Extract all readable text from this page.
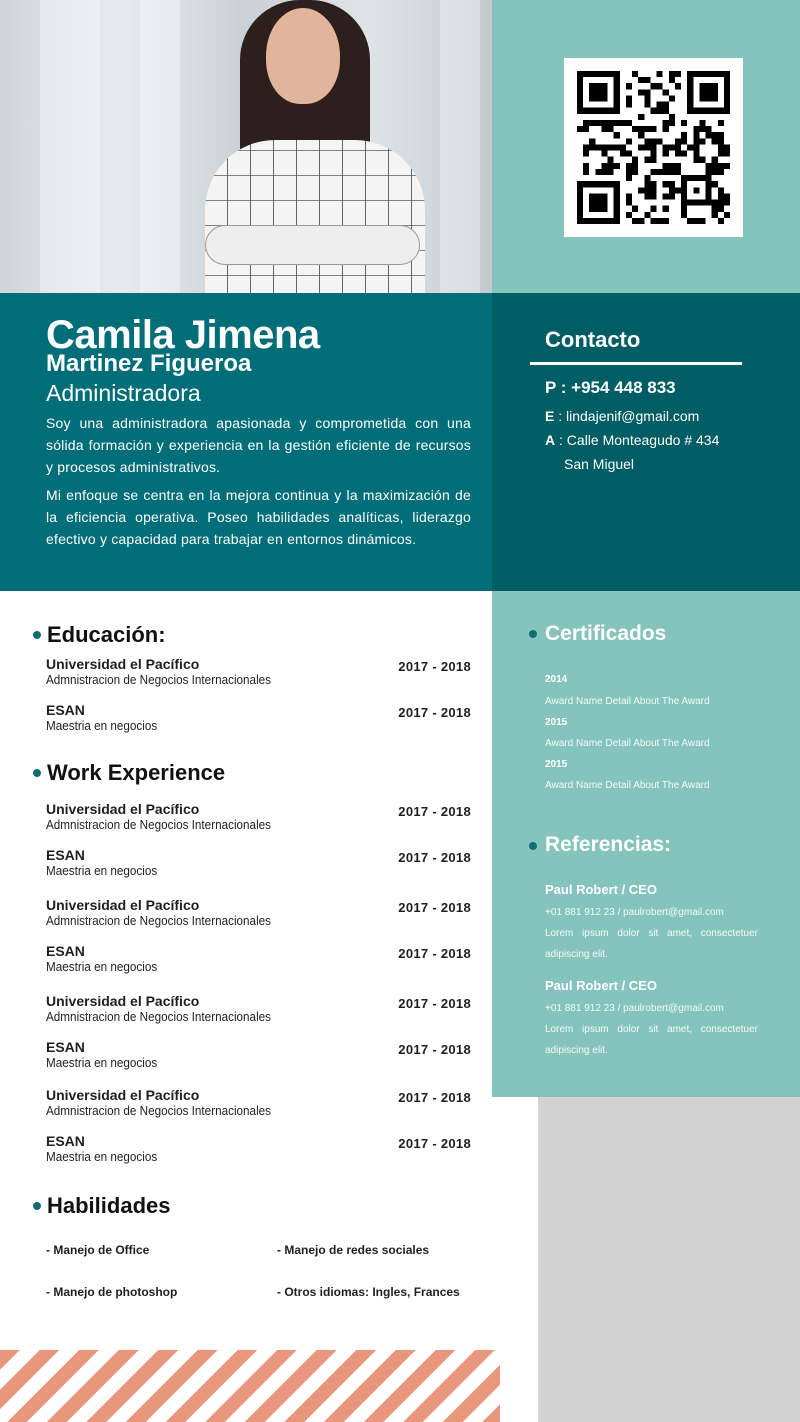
Camila Jimena
Martinez Figueroa
Administradora
Soy una administradora apasionada y comprometida con una sólida formación y experiencia en la gestión eficiente de recursos y procesos administrativos.
Mi enfoque se centra en la mejora continua y la maximización de la eficiencia operativa. Poseo habilidades analíticas, liderazgo efectivo y capacidad para trabajar en entornos dinámicos.
Contacto
P : +954 448 833
E : lindajenif@gmail.com
A : Calle Monteagudo # 434
San Miguel
Educación:
Universidad el Pacífico
Admnistracion de Negocios Internacionales
2017 - 2018
ESAN
Maestria en negocios
2017 - 2018
Work Experience
Universidad el Pacífico
Admnistracion de Negocios Internacionales
2017 - 2018
ESAN
Maestria en negocios
2017 - 2018
Universidad el Pacífico
Admnistracion de Negocios Internacionales
2017 - 2018
ESAN
Maestria en negocios
2017 - 2018
Universidad el Pacífico
Admnistracion de Negocios Internacionales
2017 - 2018
ESAN
Maestria en negocios
2017 - 2018
Universidad el Pacífico
Admnistracion de Negocios Internacionales
2017 - 2018
ESAN
Maestria en negocios
2017 - 2018
Habilidades
- Manejo de Office	- Manejo de redes sociales
- Manejo de photoshop	- Otros idiomas: Ingles, Frances
Certificados
2014
Award Name Detail About The Award
2015
Award Name Detail About The Award
2015
Award Name Detail About The Award
Referencias:
Paul Robert / CEO
+01 881 912 23 / paulrobert@gmail.com
Lorem ipsum dolor sit amet, consectetuer adipiscing elit.
Paul Robert / CEO
+01 881 912 23 / paulrobert@gmail.com
Lorem ipsum dolor sit amet, consectetuer adipiscing elit.
